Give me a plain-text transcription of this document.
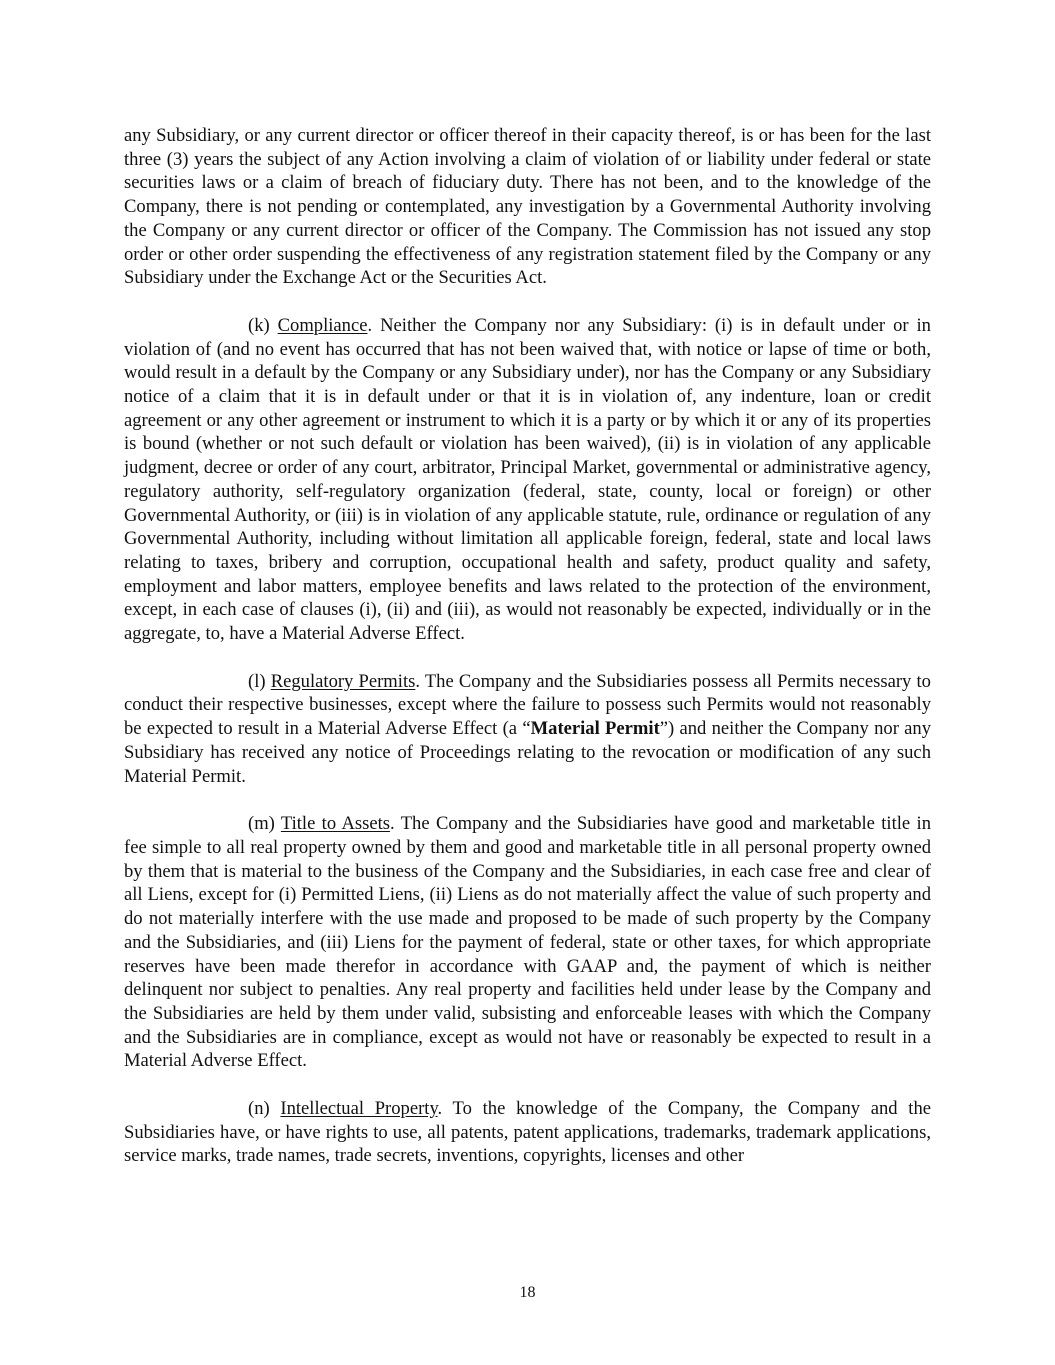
any Subsidiary, or any current director or officer thereof in their capacity thereof, is or has been for the last three (3) years the subject of any Action involving a claim of violation of or liability under federal or state securities laws or a claim of breach of fiduciary duty. There has not been, and to the knowledge of the Company, there is not pending or contemplated, any investigation by a Governmental Authority involving the Company or any current director or officer of the Company. The Commission has not issued any stop order or other order suspending the effectiveness of any registration statement filed by the Company or any Subsidiary under the Exchange Act or the Securities Act.

(k) Compliance. Neither the Company nor any Subsidiary: (i) is in default under or in violation of (and no event has occurred that has not been waived that, with notice or lapse of time or both, would result in a default by the Company or any Subsidiary under), nor has the Company or any Subsidiary notice of a claim that it is in default under or that it is in violation of, any indenture, loan or credit agreement or any other agreement or instrument to which it is a party or by which it or any of its properties is bound (whether or not such default or violation has been waived), (ii) is in violation of any applicable judgment, decree or order of any court, arbitrator, Principal Market, governmental or administrative agency, regulatory authority, self-regulatory organization (federal, state, county, local or foreign) or other Governmental Authority, or (iii) is in violation of any applicable statute, rule, ordinance or regulation of any Governmental Authority, including without limitation all applicable foreign, federal, state and local laws relating to taxes, bribery and corruption, occupational health and safety, product quality and safety, employment and labor matters, employee benefits and laws related to the protection of the environment, except, in each case of clauses (i), (ii) and (iii), as would not reasonably be expected, individually or in the aggregate, to, have a Material Adverse Effect.

(l) Regulatory Permits. The Company and the Subsidiaries possess all Permits necessary to conduct their respective businesses, except where the failure to possess such Permits would not reasonably be expected to result in a Material Adverse Effect (a “Material Permit”) and neither the Company nor any Subsidiary has received any notice of Proceedings relating to the revocation or modification of any such Material Permit.

(m) Title to Assets. The Company and the Subsidiaries have good and marketable title in fee simple to all real property owned by them and good and marketable title in all personal property owned by them that is material to the business of the Company and the Subsidiaries, in each case free and clear of all Liens, except for (i) Permitted Liens, (ii) Liens as do not materially affect the value of such property and do not materially interfere with the use made and proposed to be made of such property by the Company and the Subsidiaries, and (iii) Liens for the payment of federal, state or other taxes, for which appropriate reserves have been made therefor in accordance with GAAP and, the payment of which is neither delinquent nor subject to penalties. Any real property and facilities held under lease by the Company and the Subsidiaries are held by them under valid, subsisting and enforceable leases with which the Company and the Subsidiaries are in compliance, except as would not have or reasonably be expected to result in a Material Adverse Effect.

(n) Intellectual Property. To the knowledge of the Company, the Company and the Subsidiaries have, or have rights to use, all patents, patent applications, trademarks, trademark applications, service marks, trade names, trade secrets, inventions, copyrights, licenses and other

18
